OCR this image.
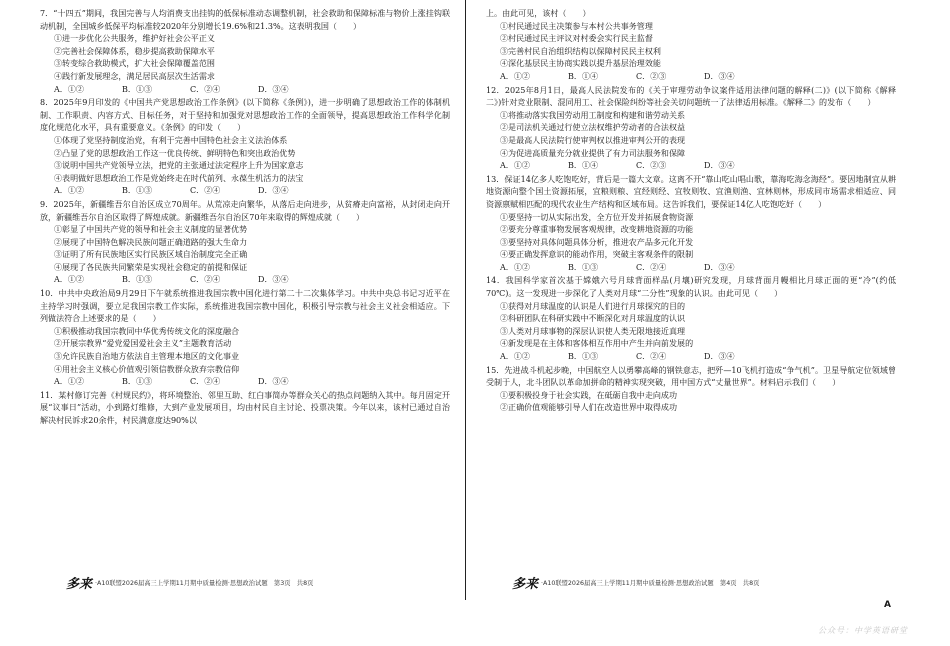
7．“十四五”期间，我国完善与人均消费支出挂钩的低保标准动态调整机制，社会救助和保障标准与物价上涨挂钩联动机制，全国城乡低保平均标准较2020年分别增长19.6%和21.3%。这表明我国（　　）

①进一步优化公共服务，维护好社会公平正义

②完善社会保障体系，稳步提高救助保障水平

③转变综合救助模式，扩大社会保障覆盖范围

④践行新发展理念，满足居民高层次生活需求

A．①②	B．①③	C．②④	D．③④

8．2025年9月印发的《中国共产党思想政治工作条例》(以下简称《条例》)，进一步明确了思想政治工作的体制机制、工作职责、内容方式、目标任务，对于坚持和加强党对思想政治工作的全面领导，提高思想政治工作科学化制度化规范化水平，具有重要意义。《条例》的印发（　　）

①体现了党坚持制度治党，有利于完善中国特色社会主义法治体系

②凸显了党的思想政治工作这一优良传统、鲜明特色和突出政治优势

③说明中国共产党领导立法，把党的主张通过法定程序上升为国家意志

④表明做好思想政治工作是党始终走在时代前列、永葆生机活力的法宝

A．①②	B．①③	C．②④	D．③④

9．2025年，新疆维吾尔自治区成立70周年。从荒凉走向繁华，从落后走向进步，从贫瘠走向富裕，从封闭走向开放，新疆维吾尔自治区取得了辉煌成就。新疆维吾尔自治区70年来取得的辉煌成就（　　）

①彰显了中国共产党的领导和社会主义制度的显著优势

②展现了中国特色解决民族问题正确道路的强大生命力

③证明了所有民族地区实行民族区域自治制度完全正确

④展现了各民族共同繁荣是实现社会稳定的前提和保证

A．①②	B．①③	C．②④	D．③④

10．中共中央政治局9月29日下午就系统推进我国宗教中国化进行第二十二次集体学习。中共中央总书记习近平在主持学习时强调，要立足我国宗教工作实际，系统推进我国宗教中国化，积极引导宗教与社会主义社会相适应。下列做法符合上述要求的是（　　）

①积极推动我国宗教同中华优秀传统文化的深度融合

②开展宗教界“爱党爱国爱社会主义”主题教育活动

③允许民族自治地方依法自主管理本地区的文化事业

④用社会主义核心价值观引领信教群众放弃宗教信仰

A．①②	B．①③	C．②④	D．③④

11．某村修订完善《村规民约》，将环境整治、邻里互助、红白事简办等群众关心的热点问题纳入其中。每月固定开展“议事日”活动，小到路灯维修，大到产业发展项目，均由村民自主讨论、投票决策。今年以来，该村已通过自治解决村民诉求20余件，村民满意度达90%以

上。由此可见，该村（　　）

①村民通过民主决策参与本村公共事务管理

②村民通过民主评议对村委会实行民主监督

③完善村民自治组织结构以保障村民民主权利

④深化基层民主协商实践以提升基层治理效能

A．①②	B．①④	C．②③	D．③④

12．2025年8月1日，最高人民法院发布的《关于审理劳动争议案件适用法律问题的解释(二)》(以下简称《解释二》)针对竞业限制、混同用工、社会保险纠纷等社会关切问题统一了法律适用标准。《解释二》的发布（　　）

①将推动落实我国劳动用工制度和构建和谐劳动关系

②是司法机关通过行使立法权维护劳动者的合法权益

③是最高人民法院行使审判权以推进审判公开的表现

④为促进高质量充分就业提供了有力司法服务和保障

A．①②	B．①④	C．②③	D．③④

13．保证14亿多人吃饱吃好，背后是一篇大文章。这离不开“靠山吃山唱山歌，靠海吃海念海经”。要因地制宜从耕地资源向整个国土资源拓展，宜粮则粮、宜经则经、宜牧则牧、宜渔则渔、宜林则林，形成同市场需求相适应、同资源禀赋相匹配的现代农业生产结构和区域布局。这告诉我们，要保证14亿人吃饱吃好（　　）

①要坚持一切从实际出发，全方位开发并拓展食物资源

②要充分尊重事物发展客观规律，改变耕地资源的功能

③要坚持对具体问题具体分析，推进农产品多元化开发

④要正确发挥意识的能动作用，突破主客观条件的限制

A．①②	B．①③	C．②④	D．③④

14．我国科学家首次基于嫦娥六号月球背面样品(月壤)研究发现，月球背面月幔相比月球正面的更“冷”(约低70℃)。这一发现进一步深化了人类对月球“二分性”现象的认识。由此可见（　　）

①获得对月球温度的认识是人们进行月球探究的目的

②科研团队在科研实践中不断深化对月球温度的认识

③人类对月球事物的深层认识使人类无限地接近真理

④新发现是在主体和客体相互作用中产生并向前发展的

A．①②	B．①③	C．②④	D．③④

15．先进战斗机起步晚，中国航空人以勇攀高峰的钢铁意志，把歼—10飞机打造成“争气机”。卫星导航定位领域曾受制于人，北斗团队以革命加拼命的精神实现突破，用中国方式“丈量世界”。材料启示我们（　　）

①要积极投身于社会实践，在砥砺自我中走向成功

②正确价值观能够引导人们在改造世界中取得成功

多来 ·A10联盟2026届高三上学期11月期中质量检测·思想政治试题　第3页　共8页	多来 ·A10联盟2026届高三上学期11月期中质量检测·思想政治试题　第4页　共8页
A
公众号：中学英语研堂
